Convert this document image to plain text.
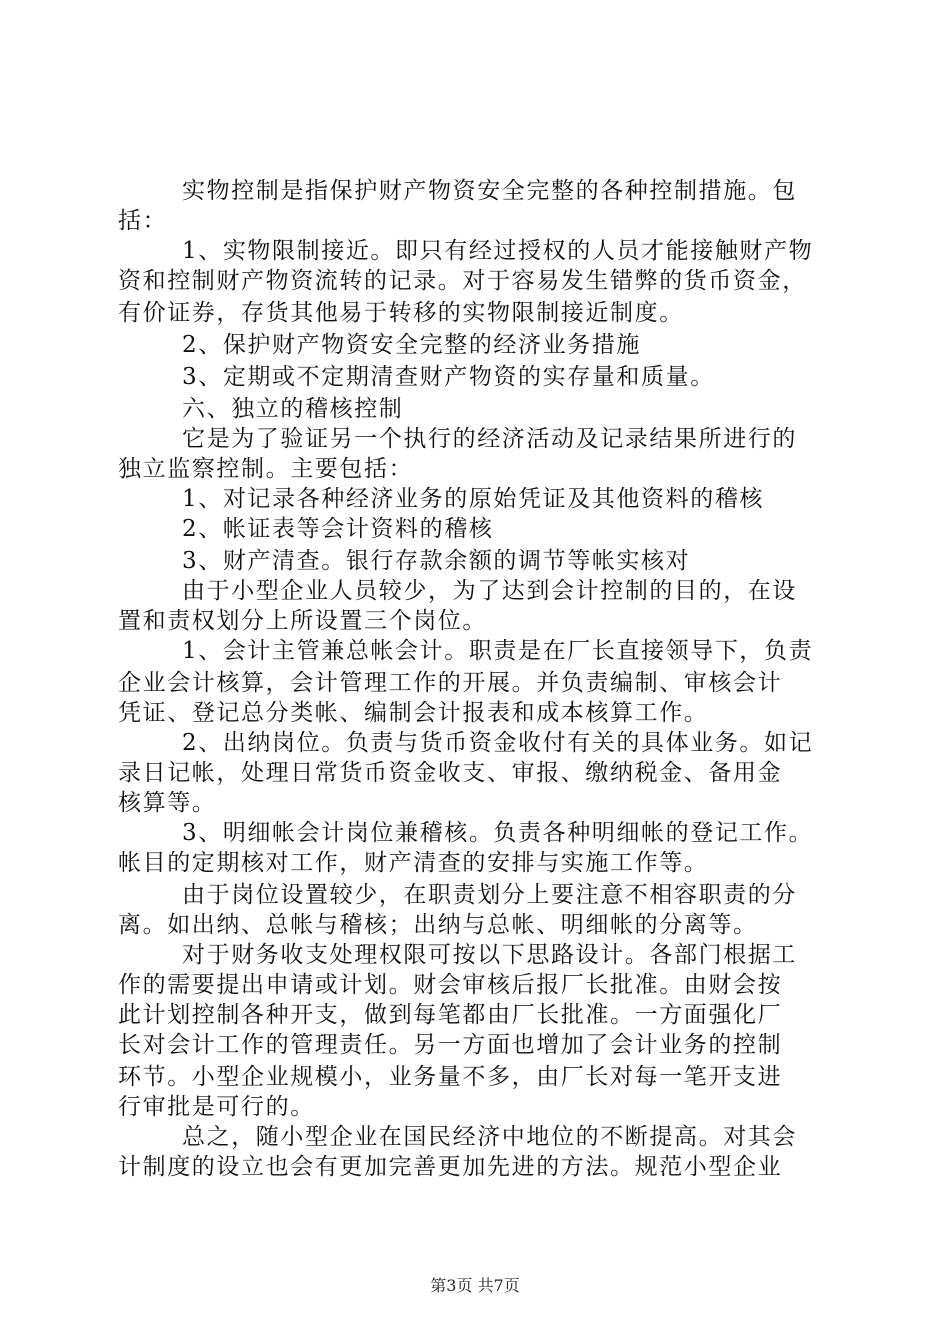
实物控制是指保护财产物资安全完整的各种控制措施。包
括：
1、实物限制接近。即只有经过授权的人员才能接触财产物
资和控制财产物资流转的记录。对于容易发生错弊的货币资金，
有价证券，存货其他易于转移的实物限制接近制度。
2、保护财产物资安全完整的经济业务措施
3、定期或不定期清查财产物资的实存量和质量。
六、独立的稽核控制
它是为了验证另一个执行的经济活动及记录结果所进行的
独立监察控制。主要包括：
1、对记录各种经济业务的原始凭证及其他资料的稽核
2、帐证表等会计资料的稽核
3、财产清查。银行存款余额的调节等帐实核对
由于小型企业人员较少，为了达到会计控制的目的，在设
置和责权划分上所设置三个岗位。
1、会计主管兼总帐会计。职责是在厂长直接领导下，负责
企业会计核算，会计管理工作的开展。并负责编制、审核会计
凭证、登记总分类帐、编制会计报表和成本核算工作。
2、出纳岗位。负责与货币资金收付有关的具体业务。如记
录日记帐，处理日常货币资金收支、审报、缴纳税金、备用金
核算等。
3、明细帐会计岗位兼稽核。负责各种明细帐的登记工作。
帐目的定期核对工作，财产清查的安排与实施工作等。
由于岗位设置较少，在职责划分上要注意不相容职责的分
离。如出纳、总帐与稽核；出纳与总帐、明细帐的分离等。
对于财务收支处理权限可按以下思路设计。各部门根据工
作的需要提出申请或计划。财会审核后报厂长批准。由财会按
此计划控制各种开支，做到每笔都由厂长批准。一方面强化厂
长对会计工作的管理责任。另一方面也增加了会计业务的控制
环节。小型企业规模小，业务量不多，由厂长对每一笔开支进
行审批是可行的。
总之，随小型企业在国民经济中地位的不断提高。对其会
计制度的设立也会有更加完善更加先进的方法。规范小型企业
第3页 共7页
